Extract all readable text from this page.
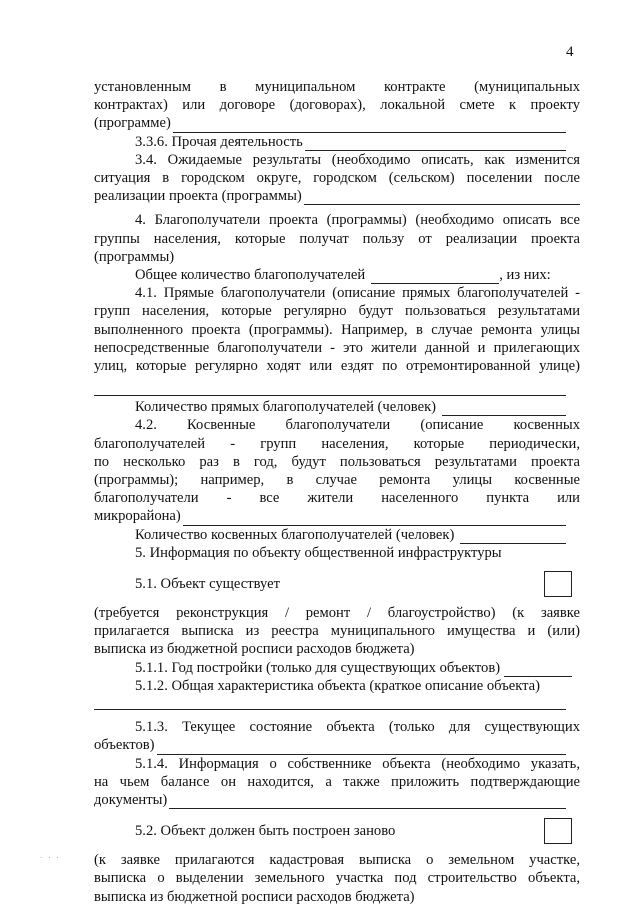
4
установленным в муниципальном контракте (муниципальных
контрактах) или договоре (договорах), локальной смете к проекту
(программе)
3.3.6. Прочая деятельность
3.4. Ожидаемые результаты (необходимо описать, как изменится
ситуация в городском округе, городском (сельском) поселении после
реализации проекта (программы)
4. Благополучатели проекта (программы) (необходимо описать все
группы населения, которые получат пользу от реализации проекта
(программы)
Общее количество благополучателей	, из них:
4.1. Прямые благополучатели (описание прямых благополучателей -
групп населения, которые регулярно будут пользоваться результатами
выполненного проекта (программы). Например, в случае ремонта улицы
непосредственные благополучатели - это жители данной и прилегающих
улиц, которые регулярно ходят или ездят по отремонтированной улице)
Количество прямых благополучателей (человек)
4.2. Косвенные благополучатели (описание косвенных
благополучателей - групп населения, которые периодически,
по несколько раз в год, будут пользоваться результатами проекта
(программы); например, в случае ремонта улицы косвенные
благополучатели - все жители населенного пункта или
микрорайона)
Количество косвенных благополучателей (человек)
5. Информация по объекту общественной инфраструктуры
5.1. Объект существует
(требуется реконструкция / ремонт / благоустройство) (к заявке
прилагается выписка из реестра муниципального имущества и (или)
выписка из бюджетной росписи расходов бюджета)
5.1.1. Год постройки (только для существующих объектов)
5.1.2. Общая характеристика объекта (краткое описание объекта)
5.1.3. Текущее состояние объекта (только для существующих
объектов)
5.1.4. Информация о собственнике объекта (необходимо указать,
на чьем балансе он находится, а также приложить подтверждающие
документы)
5.2. Объект должен быть построен заново
(к заявке прилагаются кадастровая выписка о земельном участке,
выписка о выделении земельного участка под строительство объекта,
выписка из бюджетной росписи расходов бюджета)
· · ·
